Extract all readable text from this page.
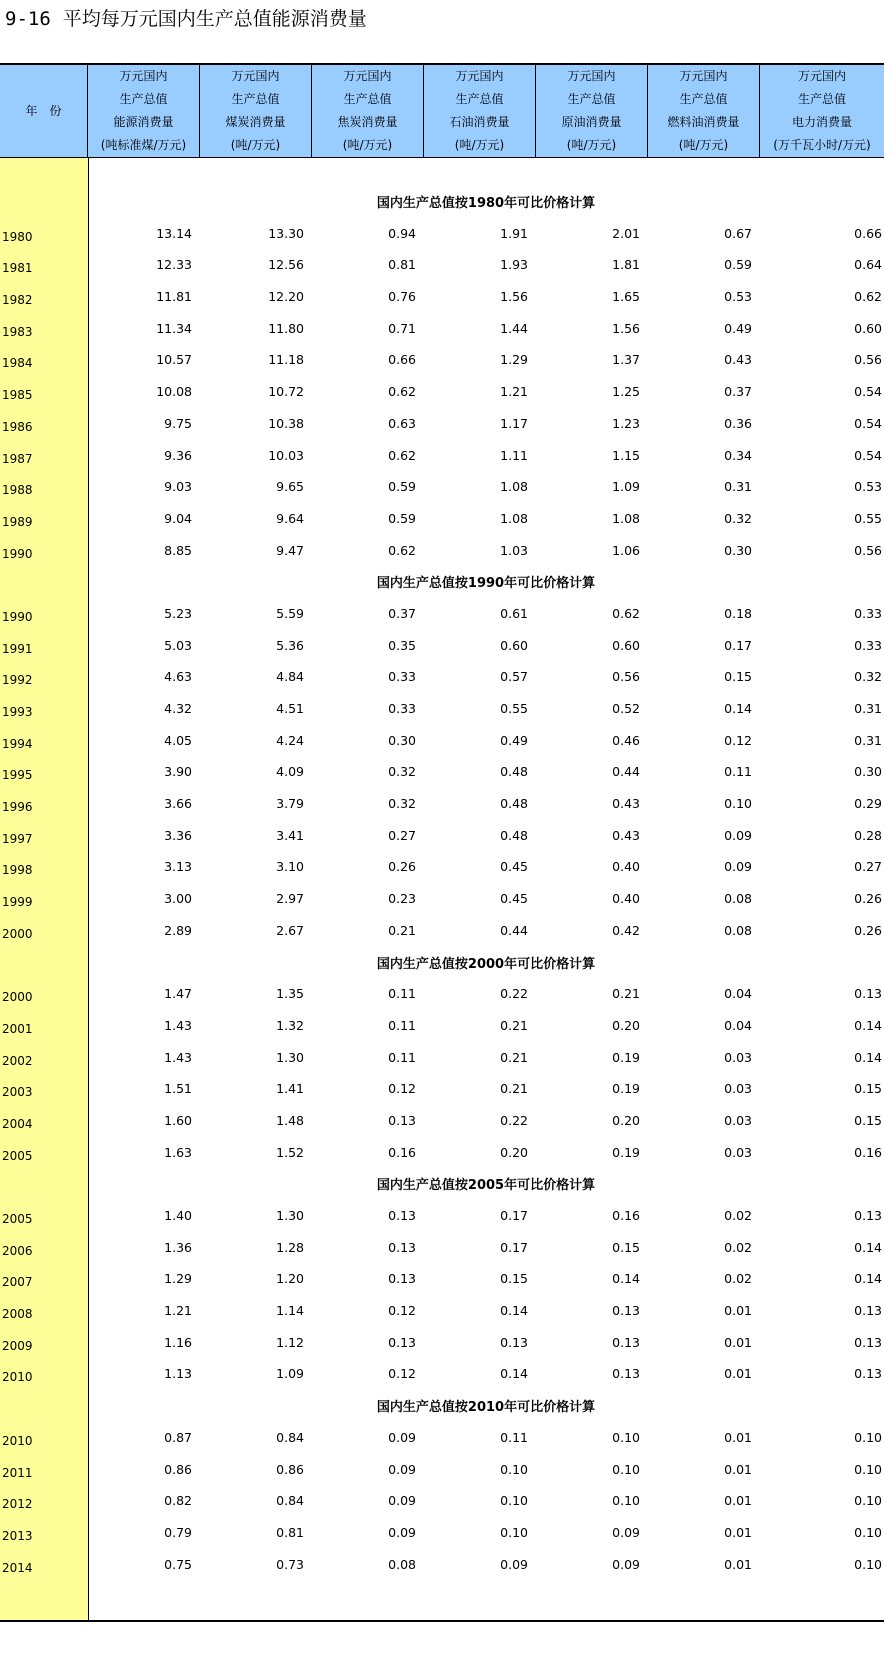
9-16 平均每万元国内生产总值能源消费量
年　份
万元国内
生产总值
能源消费量
(吨标准煤/万元)
万元国内
生产总值
煤炭消费量
(吨/万元)
万元国内
生产总值
焦炭消费量
(吨/万元)
万元国内
生产总值
石油消费量
(吨/万元)
万元国内
生产总值
原油消费量
(吨/万元)
万元国内
生产总值
燃料油消费量
(吨/万元)
万元国内
生产总值
电力消费量
(万千瓦小时/万元)
国内生产总值按1980年可比价格计算
1980	13.14	13.30	0.94	1.91	2.01	0.67	0.66
1981	12.33	12.56	0.81	1.93	1.81	0.59	0.64
1982	11.81	12.20	0.76	1.56	1.65	0.53	0.62
1983	11.34	11.80	0.71	1.44	1.56	0.49	0.60
1984	10.57	11.18	0.66	1.29	1.37	0.43	0.56
1985	10.08	10.72	0.62	1.21	1.25	0.37	0.54
1986	9.75	10.38	0.63	1.17	1.23	0.36	0.54
1987	9.36	10.03	0.62	1.11	1.15	0.34	0.54
1988	9.03	9.65	0.59	1.08	1.09	0.31	0.53
1989	9.04	9.64	0.59	1.08	1.08	0.32	0.55
1990	8.85	9.47	0.62	1.03	1.06	0.30	0.56
国内生产总值按1990年可比价格计算
1990	5.23	5.59	0.37	0.61	0.62	0.18	0.33
1991	5.03	5.36	0.35	0.60	0.60	0.17	0.33
1992	4.63	4.84	0.33	0.57	0.56	0.15	0.32
1993	4.32	4.51	0.33	0.55	0.52	0.14	0.31
1994	4.05	4.24	0.30	0.49	0.46	0.12	0.31
1995	3.90	4.09	0.32	0.48	0.44	0.11	0.30
1996	3.66	3.79	0.32	0.48	0.43	0.10	0.29
1997	3.36	3.41	0.27	0.48	0.43	0.09	0.28
1998	3.13	3.10	0.26	0.45	0.40	0.09	0.27
1999	3.00	2.97	0.23	0.45	0.40	0.08	0.26
2000	2.89	2.67	0.21	0.44	0.42	0.08	0.26
国内生产总值按2000年可比价格计算
2000	1.47	1.35	0.11	0.22	0.21	0.04	0.13
2001	1.43	1.32	0.11	0.21	0.20	0.04	0.14
2002	1.43	1.30	0.11	0.21	0.19	0.03	0.14
2003	1.51	1.41	0.12	0.21	0.19	0.03	0.15
2004	1.60	1.48	0.13	0.22	0.20	0.03	0.15
2005	1.63	1.52	0.16	0.20	0.19	0.03	0.16
国内生产总值按2005年可比价格计算
2005	1.40	1.30	0.13	0.17	0.16	0.02	0.13
2006	1.36	1.28	0.13	0.17	0.15	0.02	0.14
2007	1.29	1.20	0.13	0.15	0.14	0.02	0.14
2008	1.21	1.14	0.12	0.14	0.13	0.01	0.13
2009	1.16	1.12	0.13	0.13	0.13	0.01	0.13
2010	1.13	1.09	0.12	0.14	0.13	0.01	0.13
国内生产总值按2010年可比价格计算
2010	0.87	0.84	0.09	0.11	0.10	0.01	0.10
2011	0.86	0.86	0.09	0.10	0.10	0.01	0.10
2012	0.82	0.84	0.09	0.10	0.10	0.01	0.10
2013	0.79	0.81	0.09	0.10	0.09	0.01	0.10
2014	0.75	0.73	0.08	0.09	0.09	0.01	0.10
